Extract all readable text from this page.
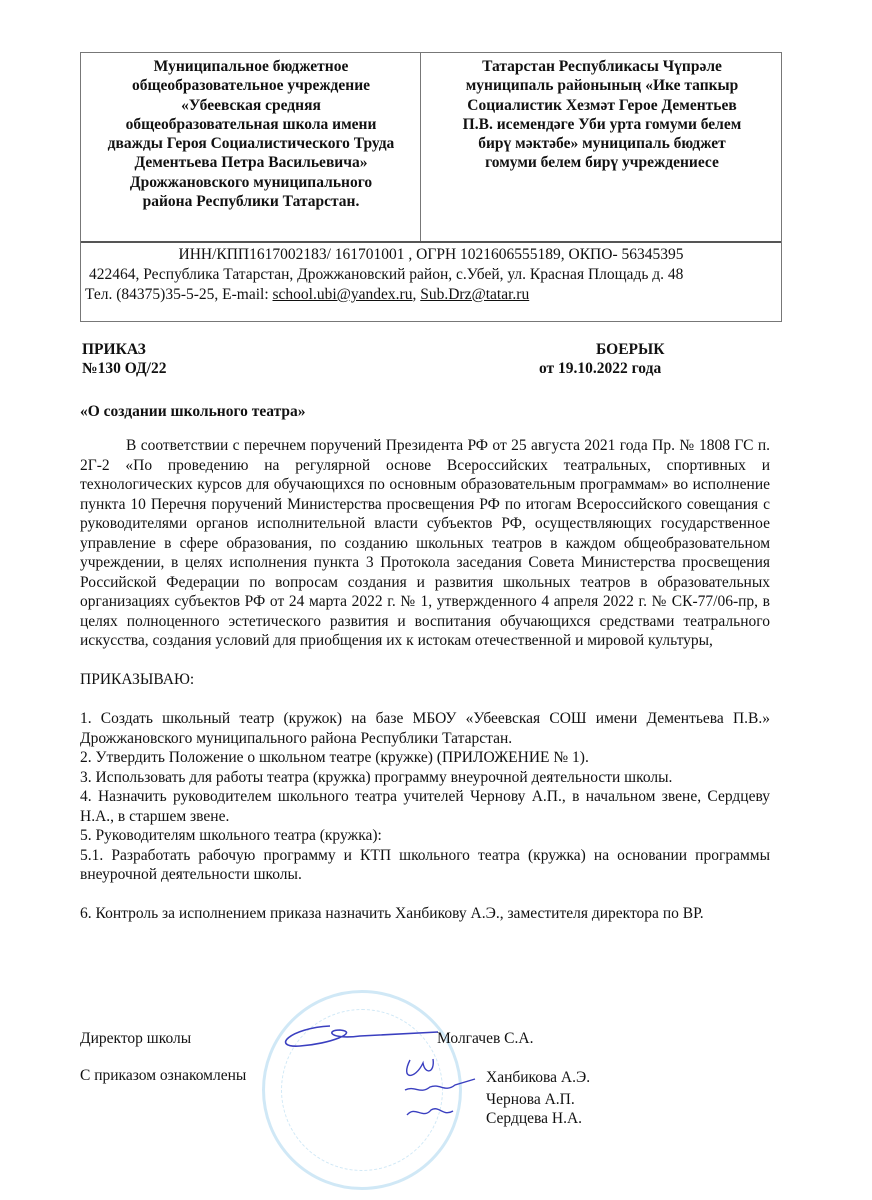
Муниципальное бюджетное
общеобразовательное учреждение
«Убеевская средняя
общеобразовательная школа имени
дважды Героя Социалистического Труда
Дементьева Петра Васильевича»
Дрожжановского муниципального
района Республики Татарстан.
Татарстан Республикасы Чүпрәле
муниципаль районының «Ике тапкыр
Социалистик Хезмәт Герое Дементьев
П.В. исемендәге Уби урта гомуми белем
бирү мәктәбе» муниципаль бюджет
гомуми белем бирү учреждениесе
ИНН/КПП1617002183/ 161701001 , ОГРН 1021606555189, ОКПО- 56345395
422464, Республика Татарстан, Дрожжановский район, с.Убей, ул. Красная Площадь д. 48
Тел. (84375)35-5-25, E-mail: school.ubi@yandex.ru, Sub.Drz@tatar.ru
ПРИКАЗ
№130 ОД/22
БОЕРЫК
от 19.10.2022 года
«О создании школьного театра»

В соответствии с перечнем поручений Президента РФ от 25 августа 2021 года Пр. № 1808 ГС п. 2Г-2 «По проведению на регулярной основе Всероссийских театральных, спортивных и технологических курсов для обучающихся по основным образовательным программам» во исполнение пункта 10 Перечня поручений Министерства просвещения РФ по итогам Всероссийского совещания с руководителями органов исполнительной власти субъектов РФ, осуществляющих государственное управление в сфере образования, по созданию школьных театров в каждом общеобразовательном учреждении, в целях исполнения пункта 3 Протокола заседания Совета Министерства просвещения Российской Федерации по вопросам создания и развития школьных театров в образовательных организациях субъектов РФ от 24 марта 2022 г. № 1, утвержденного 4 апреля 2022 г. № СК-77/06-пр, в целях полноценного эстетического развития и воспитания обучающихся средствами театрального искусства, создания условий для приобщения их к истокам отечественной и мировой культуры,

ПРИКАЗЫВАЮ:

1. Создать школьный театр (кружок) на базе МБОУ «Убеевская СОШ имени Дементьева П.В.» Дрожжановского муниципального района Республики Татарстан.

2. Утвердить Положение о школьном театре (кружке) (ПРИЛОЖЕНИЕ № 1).

3. Использовать для работы театра (кружка) программу внеурочной деятельности школы.

4. Назначить руководителем школьного театра учителей Чернову А.П., в начальном звене, Сердцеву Н.А., в старшем звене.

5. Руководителям школьного театра (кружка):

5.1. Разработать рабочую программу и КТП школьного театра (кружка) на основании программы внеурочной деятельности школы.

6. Контроль за исполнением приказа назначить Ханбикову А.Э., заместителя директора по ВР.

Директор школы	Молгачев С.А.
С приказом ознакомлены	Ханбикова А.Э.
Чернова А.П.
Сердцева Н.А.
